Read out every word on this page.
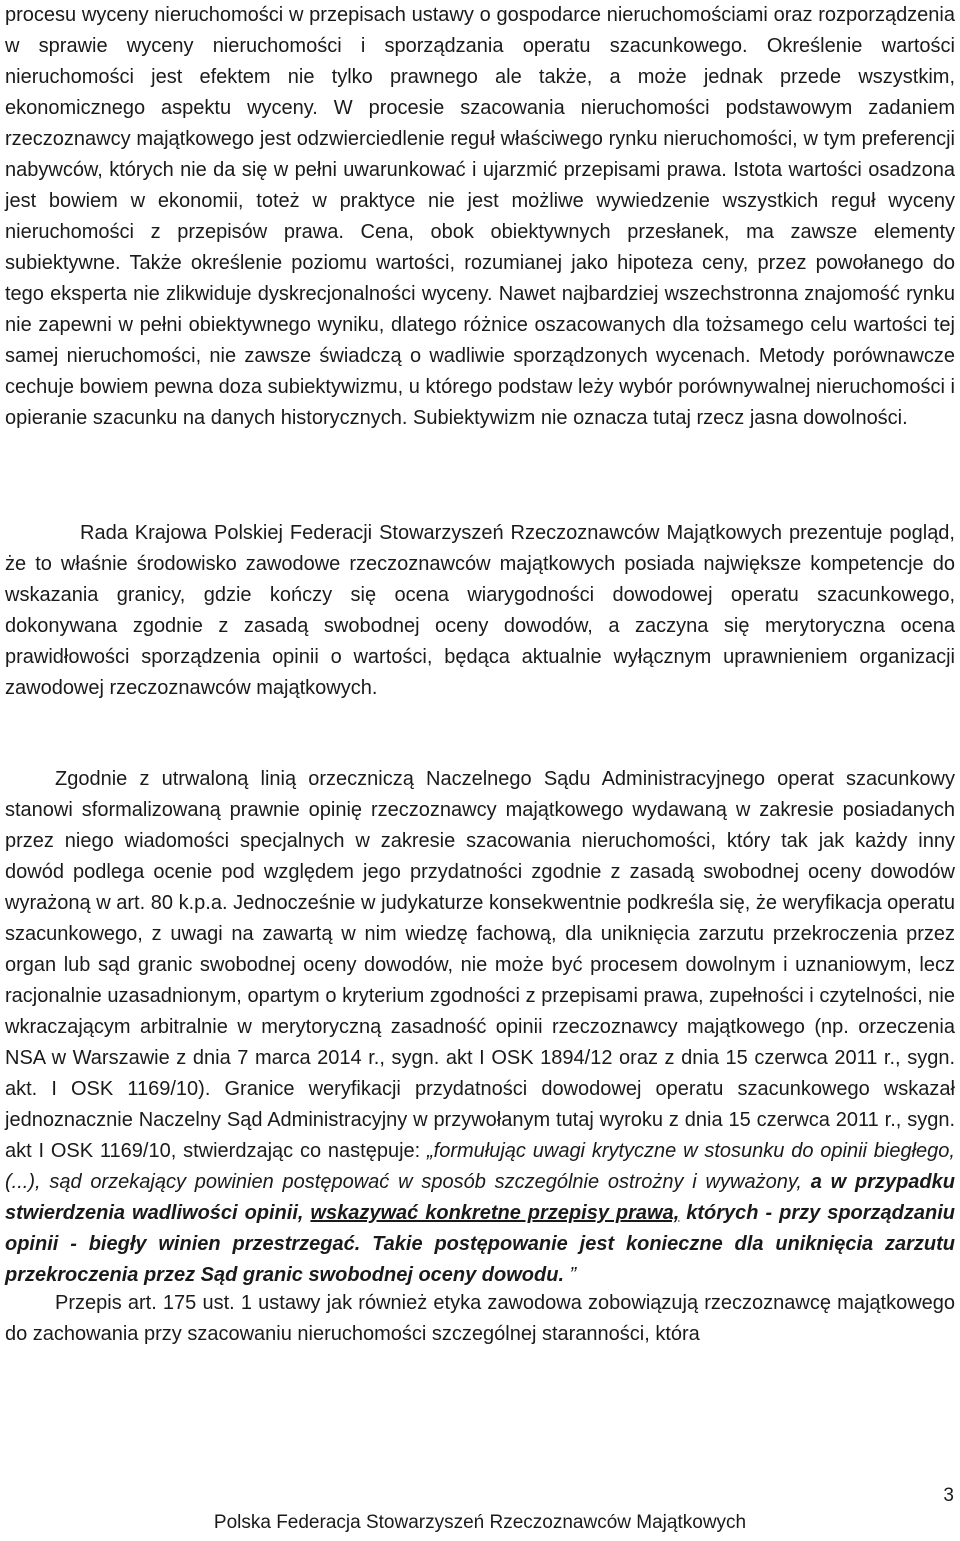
procesu wyceny nieruchomości w przepisach ustawy o gospodarce nieruchomościami oraz rozporządzenia w sprawie wyceny nieruchomości i sporządzania operatu szacunkowego. Określenie wartości nieruchomości jest efektem nie tylko prawnego ale także, a może jednak przede wszystkim, ekonomicznego aspektu wyceny. W procesie szacowania nieruchomości podstawowym zadaniem rzeczoznawcy majątkowego jest odzwierciedlenie reguł właściwego rynku nieruchomości, w tym preferencji nabywców, których nie da się w pełni uwarunkować i ujarzmić przepisami prawa. Istota wartości osadzona jest bowiem w ekonomii, toteż w praktyce nie jest możliwe wywiedzenie wszystkich reguł wyceny nieruchomości z przepisów prawa. Cena, obok obiektywnych przesłanek, ma zawsze elementy subiektywne. Także określenie poziomu wartości, rozumianej jako hipoteza ceny, przez powołanego do tego eksperta nie zlikwiduje dyskrecjonalności wyceny. Nawet najbardziej wszechstronna znajomość rynku nie zapewni w pełni obiektywnego wyniku, dlatego różnice oszacowanych dla tożsamego celu wartości tej samej nieruchomości, nie zawsze świadczą o wadliwie sporządzonych wycenach. Metody porównawcze cechuje bowiem pewna doza subiektywizmu, u którego podstaw leży wybór porównywalnej nieruchomości i opieranie szacunku na danych historycznych. Subiektywizm nie oznacza tutaj rzecz jasna dowolności.

Rada Krajowa Polskiej Federacji Stowarzyszeń Rzeczoznawców Majątkowych prezentuje pogląd, że to właśnie środowisko zawodowe rzeczoznawców majątkowych posiada największe kompetencje do wskazania granicy, gdzie kończy się ocena wiarygodności dowodowej operatu szacunkowego, dokonywana zgodnie z zasadą swobodnej oceny dowodów, a zaczyna się merytoryczna ocena prawidłowości sporządzenia opinii o wartości, będąca aktualnie wyłącznym uprawnieniem organizacji zawodowej rzeczoznawców majątkowych.

Zgodnie z utrwaloną linią orzeczniczą Naczelnego Sądu Administracyjnego operat szacunkowy stanowi sformalizowaną prawnie opinię rzeczoznawcy majątkowego wydawaną w zakresie posiadanych przez niego wiadomości specjalnych w zakresie szacowania nieruchomości, który tak jak każdy inny dowód podlega ocenie pod względem jego przydatności zgodnie z zasadą swobodnej oceny dowodów wyrażoną w art. 80 k.p.a. Jednocześnie w judykaturze konsekwentnie podkreśla się, że weryfikacja operatu szacunkowego, z uwagi na zawartą w nim wiedzę fachową, dla uniknięcia zarzutu przekroczenia przez organ lub sąd granic swobodnej oceny dowodów, nie może być procesem dowolnym i uznaniowym, lecz racjonalnie uzasadnionym, opartym o kryterium zgodności z przepisami prawa, zupełności i czytelności, nie wkraczającym arbitralnie w merytoryczną zasadność opinii rzeczoznawcy majątkowego (np. orzeczenia NSA w Warszawie z dnia 7 marca 2014 r., sygn. akt I OSK 1894/12 oraz z dnia 15 czerwca 2011 r., sygn. akt. I OSK 1169/10). Granice weryfikacji przydatności dowodowej operatu szacunkowego wskazał jednoznacznie Naczelny Sąd Administracyjny w przywołanym tutaj wyroku z dnia 15 czerwca 2011 r., sygn. akt I OSK 1169/10, stwierdzając co następuje: „formułując uwagi krytyczne w stosunku do opinii biegłego, (...), sąd orzekający powinien postępować w sposób szczególnie ostrożny i wyważony, a w przypadku stwierdzenia wadliwości opinii, wskazywać konkretne przepisy prawa, których - przy sporządzaniu opinii - biegły winien przestrzegać. Takie postępowanie jest konieczne dla uniknięcia zarzutu przekroczenia przez Sąd granic swobodnej oceny dowodu. ”

Przepis art. 175 ust. 1 ustawy jak również etyka zawodowa zobowiązują rzeczoznawcę majątkowego do zachowania przy szacowaniu nieruchomości szczególnej staranności, która

3
Polska Federacja Stowarzyszeń Rzeczoznawców Majątkowych
